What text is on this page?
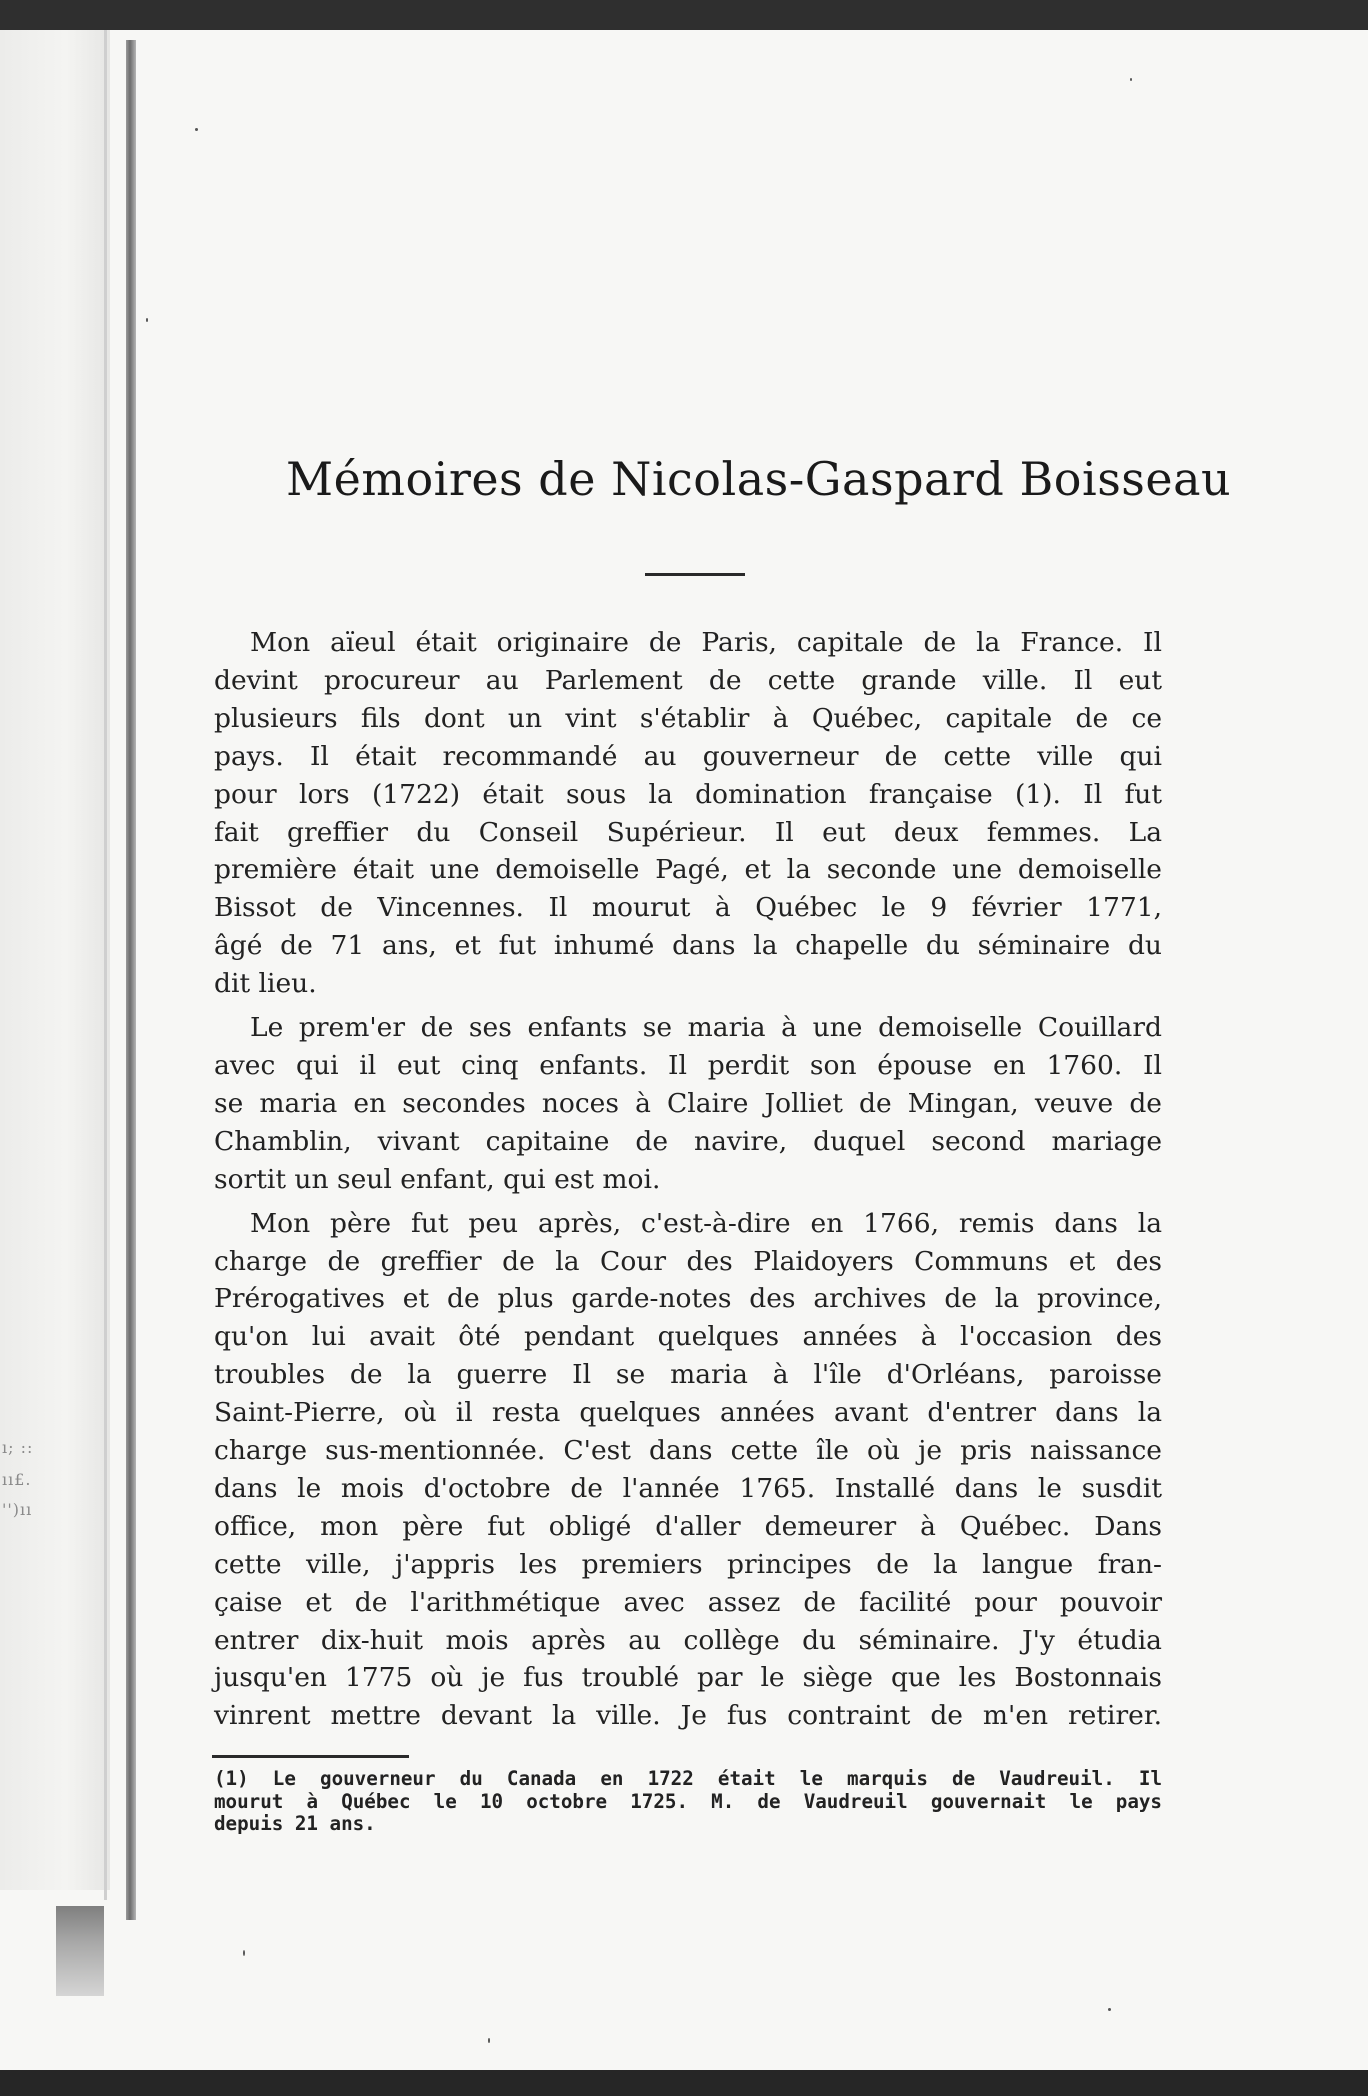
ı; ::
ıı£.
'')ıı
Mémoires de Nicolas-Gaspard Boisseau
Mon aïeul était originaire de Paris, capitale de la France. Il
devint procureur au Parlement de cette grande ville. Il eut
plusieurs fils dont un vint s'établir à Québec, capitale de ce
pays. Il était recommandé au gouverneur de cette ville qui
pour lors (1722) était sous la domination française (1). Il fut
fait greffier du Conseil Supérieur. Il eut deux femmes. La
première était une demoiselle Pagé, et la seconde une demoiselle
Bissot de Vincennes. Il mourut à Québec le 9 février 1771,
âgé de 71 ans, et fut inhumé dans la chapelle du séminaire du
dit lieu.
Le prem'er de ses enfants se maria à une demoiselle Couillard
avec qui il eut cinq enfants. Il perdit son épouse en 1760. Il
se maria en secondes noces à Claire Jolliet de Mingan, veuve de
Chamblin, vivant capitaine de navire, duquel second mariage
sortit un seul enfant, qui est moi.
Mon père fut peu après, c'est-à-dire en 1766, remis dans la
charge de greffier de la Cour des Plaidoyers Communs et des
Prérogatives et de plus garde-notes des archives de la province,
qu'on lui avait ôté pendant quelques années à l'occasion des
troubles de la guerre Il se maria à l'île d'Orléans, paroisse
Saint-Pierre, où il resta quelques années avant d'entrer dans la
charge sus-mentionnée. C'est dans cette île où je pris naissance
dans le mois d'octobre de l'année 1765. Installé dans le susdit
office, mon père fut obligé d'aller demeurer à Québec. Dans
cette ville, j'appris les premiers principes de la langue fran-
çaise et de l'arithmétique avec assez de facilité pour pouvoir
entrer dix-huit mois après au collège du séminaire. J'y étudia
jusqu'en 1775 où je fus troublé par le siège que les Bostonnais
vinrent mettre devant la ville. Je fus contraint de m'en retirer.
(1) Le gouverneur du Canada en 1722 était le marquis de Vaudreuil. Il
mourut à Québec le 10 octobre 1725. M. de Vaudreuil gouvernait le pays
depuis 21 ans.
